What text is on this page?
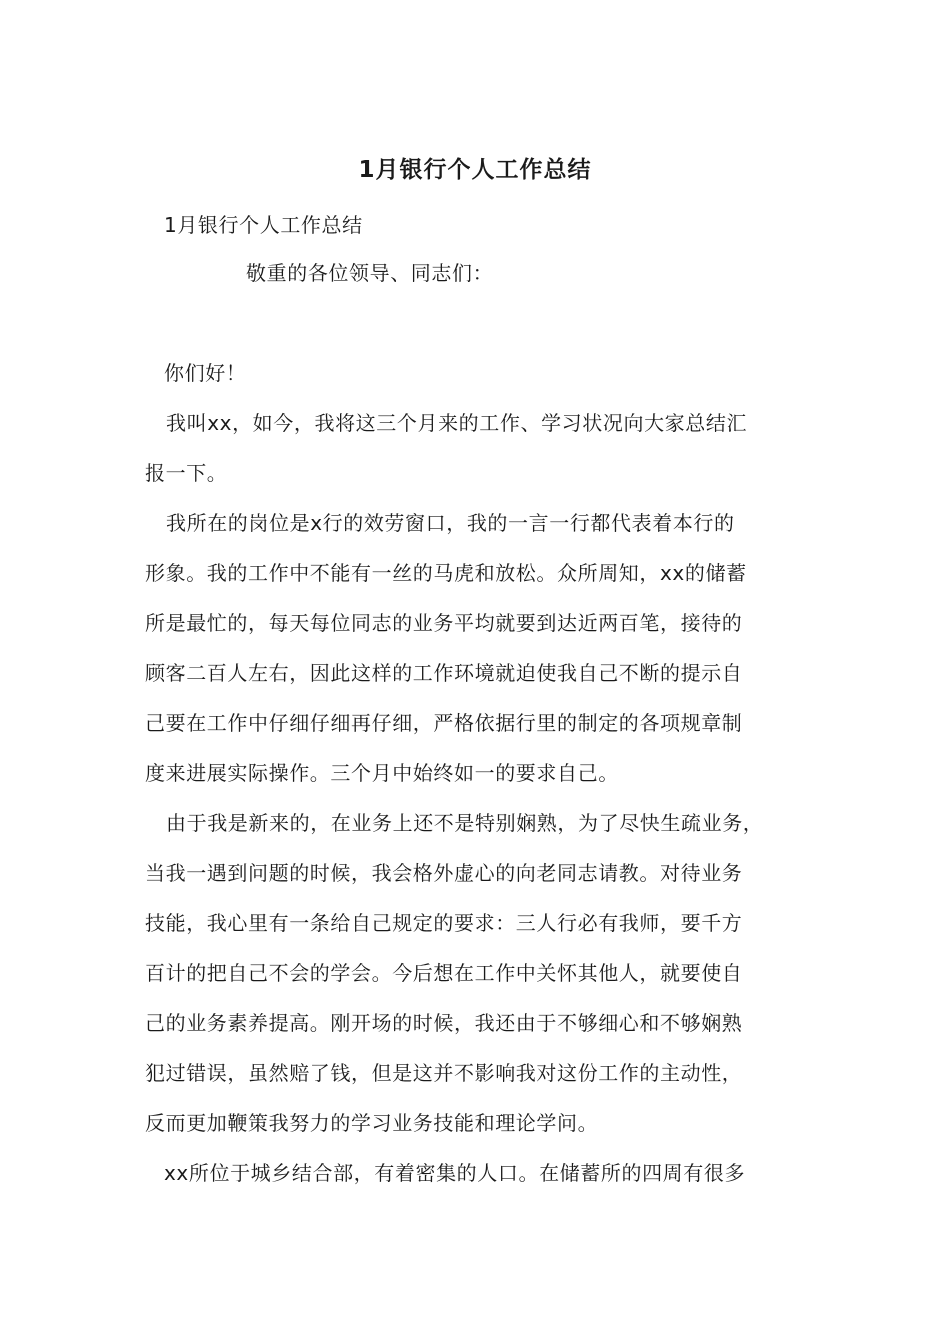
1月银行个人工作总结
1月银行个人工作总结
敬重的各位领导、同志们：
你们好！
我叫xx，如今，我将这三个月来的工作、学习状况向大家总结汇
报一下。
我所在的岗位是x行的效劳窗口，我的一言一行都代表着本行的
形象。我的工作中不能有一丝的马虎和放松。众所周知，xx的储蓄
所是最忙的，每天每位同志的业务平均就要到达近两百笔，接待的
顾客二百人左右，因此这样的工作环境就迫使我自己不断的提示自
己要在工作中仔细仔细再仔细，严格依据行里的制定的各项规章制
度来进展实际操作。三个月中始终如一的要求自己。
由于我是新来的，在业务上还不是特别娴熟，为了尽快生疏业务，
当我一遇到问题的时候，我会格外虚心的向老同志请教。对待业务
技能，我心里有一条给自己规定的要求：三人行必有我师，要千方
百计的把自己不会的学会。今后想在工作中关怀其他人，就要使自
己的业务素养提高。刚开场的时候，我还由于不够细心和不够娴熟
犯过错误，虽然赔了钱，但是这并不影响我对这份工作的主动性，
反而更加鞭策我努力的学习业务技能和理论学问。
xx所位于城乡结合部，有着密集的人口。在储蓄所的四周有很多
